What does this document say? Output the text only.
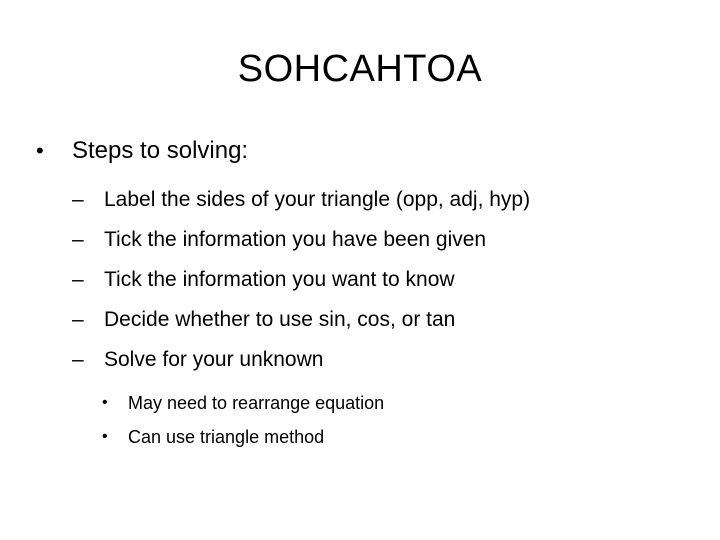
SOHCAHTOA
• Steps to solving:
– Label the sides of your triangle (opp, adj, hyp)
– Tick the information you have been given
– Tick the information you want to know
– Decide whether to use sin, cos, or tan
– Solve for your unknown
• May need to rearrange equation
• Can use triangle method
